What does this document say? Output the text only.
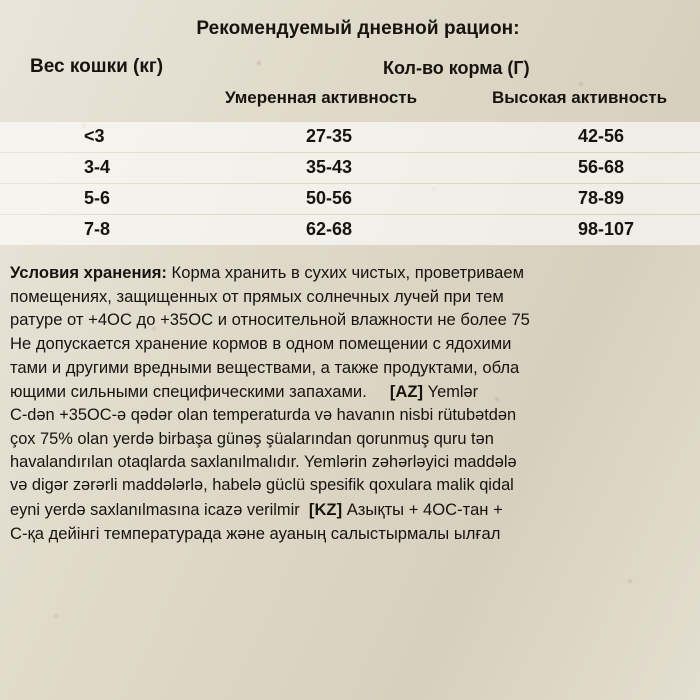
Рекомендуемый дневной рацион:
Вес кошки (кг)	Кол-во корма (Г)
Умеренная активность	Высокая активность
<3	27-35	42-56
3-4	35-43	56-68
5-6	50-56	78-89
7-8	62-68	98-107

Условия хранения: Корма хранить в сухих чистых, проветриваем

помещениях, защищенных от прямых солнечных лучей при тем

ратуре от +4ОС до +35ОС и относительной влажности не более 75

Не допускается хранение кормов в одном помещении с ядохими

тами и другими вредными веществами, а также продуктами, обла

ющими сильными специфическими запахами. [AZ] Yemlər

C-dən +35ОС-ə qədər olan temperaturda və havanın nisbi rütubətdən

çox 75% olan yerdə birbaşa günəş şüalarından qorunmuş quru tən

havalandırılan otaqlarda saxlanılmalıdır. Yemlərin zəhərləyici maddələ

və digər zərərli maddələrlə, habelə güclü spesifik qoxulara malik qidal

eyni yerdə saxlanılmasına icazə verilmir [KZ] Азықты + 4ОС-тан +

С-қа дейінгі температурада және ауаның салыстырмалы ылғал
